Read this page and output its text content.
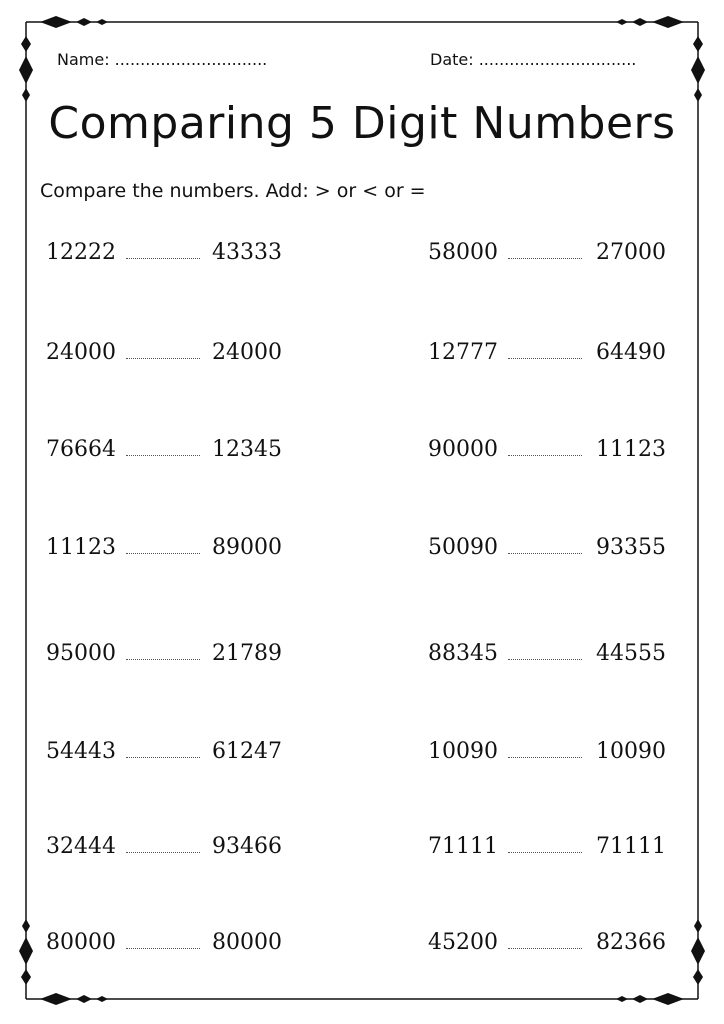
Name: ..............................	Date: ...............................
Comparing 5 Digit Numbers
Compare the numbers. Add: > or < or =
12222	43333
24000	24000
76664	12345
11123	89000
95000	21789
54443	61247
32444	93466
80000	80000
58000	27000
12777	64490
90000	11123
50090	93355
88345	44555
10090	10090
71111	71111
45200	82366
